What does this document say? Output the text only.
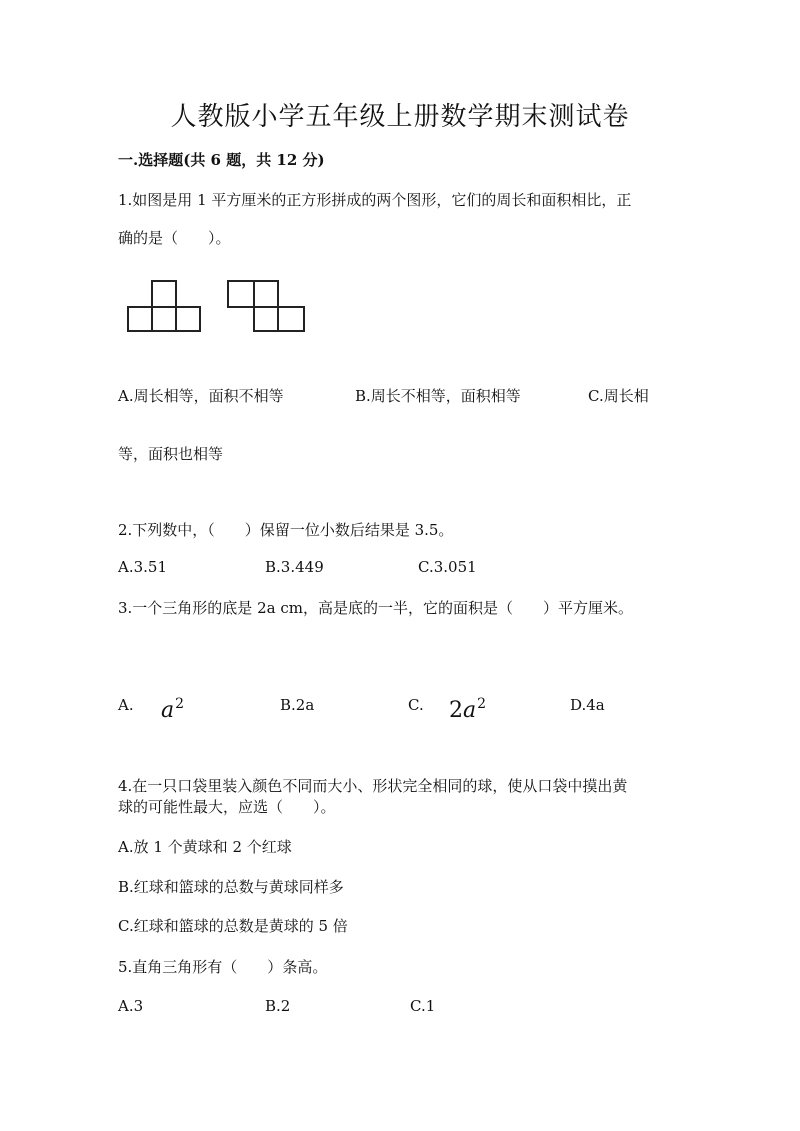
人教版小学五年级上册数学期末测试卷
一.选择题(共 6 题，共 12 分)
1.如图是用 1 平方厘米的正方形拼成的两个图形，它们的周长和面积相比，正
确的是（　　）。
A.周长相等，面积不相等	B.周长不相等，面积相等	C.周长相
等，面积也相等
2.下列数中，（　　）保留一位小数后结果是 3.5。
A.3.51	B.3.449	C.3.051
3.一个三角形的底是 2a cm，高是底的一半，它的面积是（　　）平方厘米。
A. $a^2$	B.2a	C. $2a^2$	D.4a
4.在一只口袋里装入颜色不同而大小、形状完全相同的球，使从口袋中摸出黄
球的可能性最大，应选（　　）。
A.放 1 个黄球和 2 个红球
B.红球和篮球的总数与黄球同样多
C.红球和篮球的总数是黄球的 5 倍
5.直角三角形有（　　）条高。
A.3	B.2	C.1
